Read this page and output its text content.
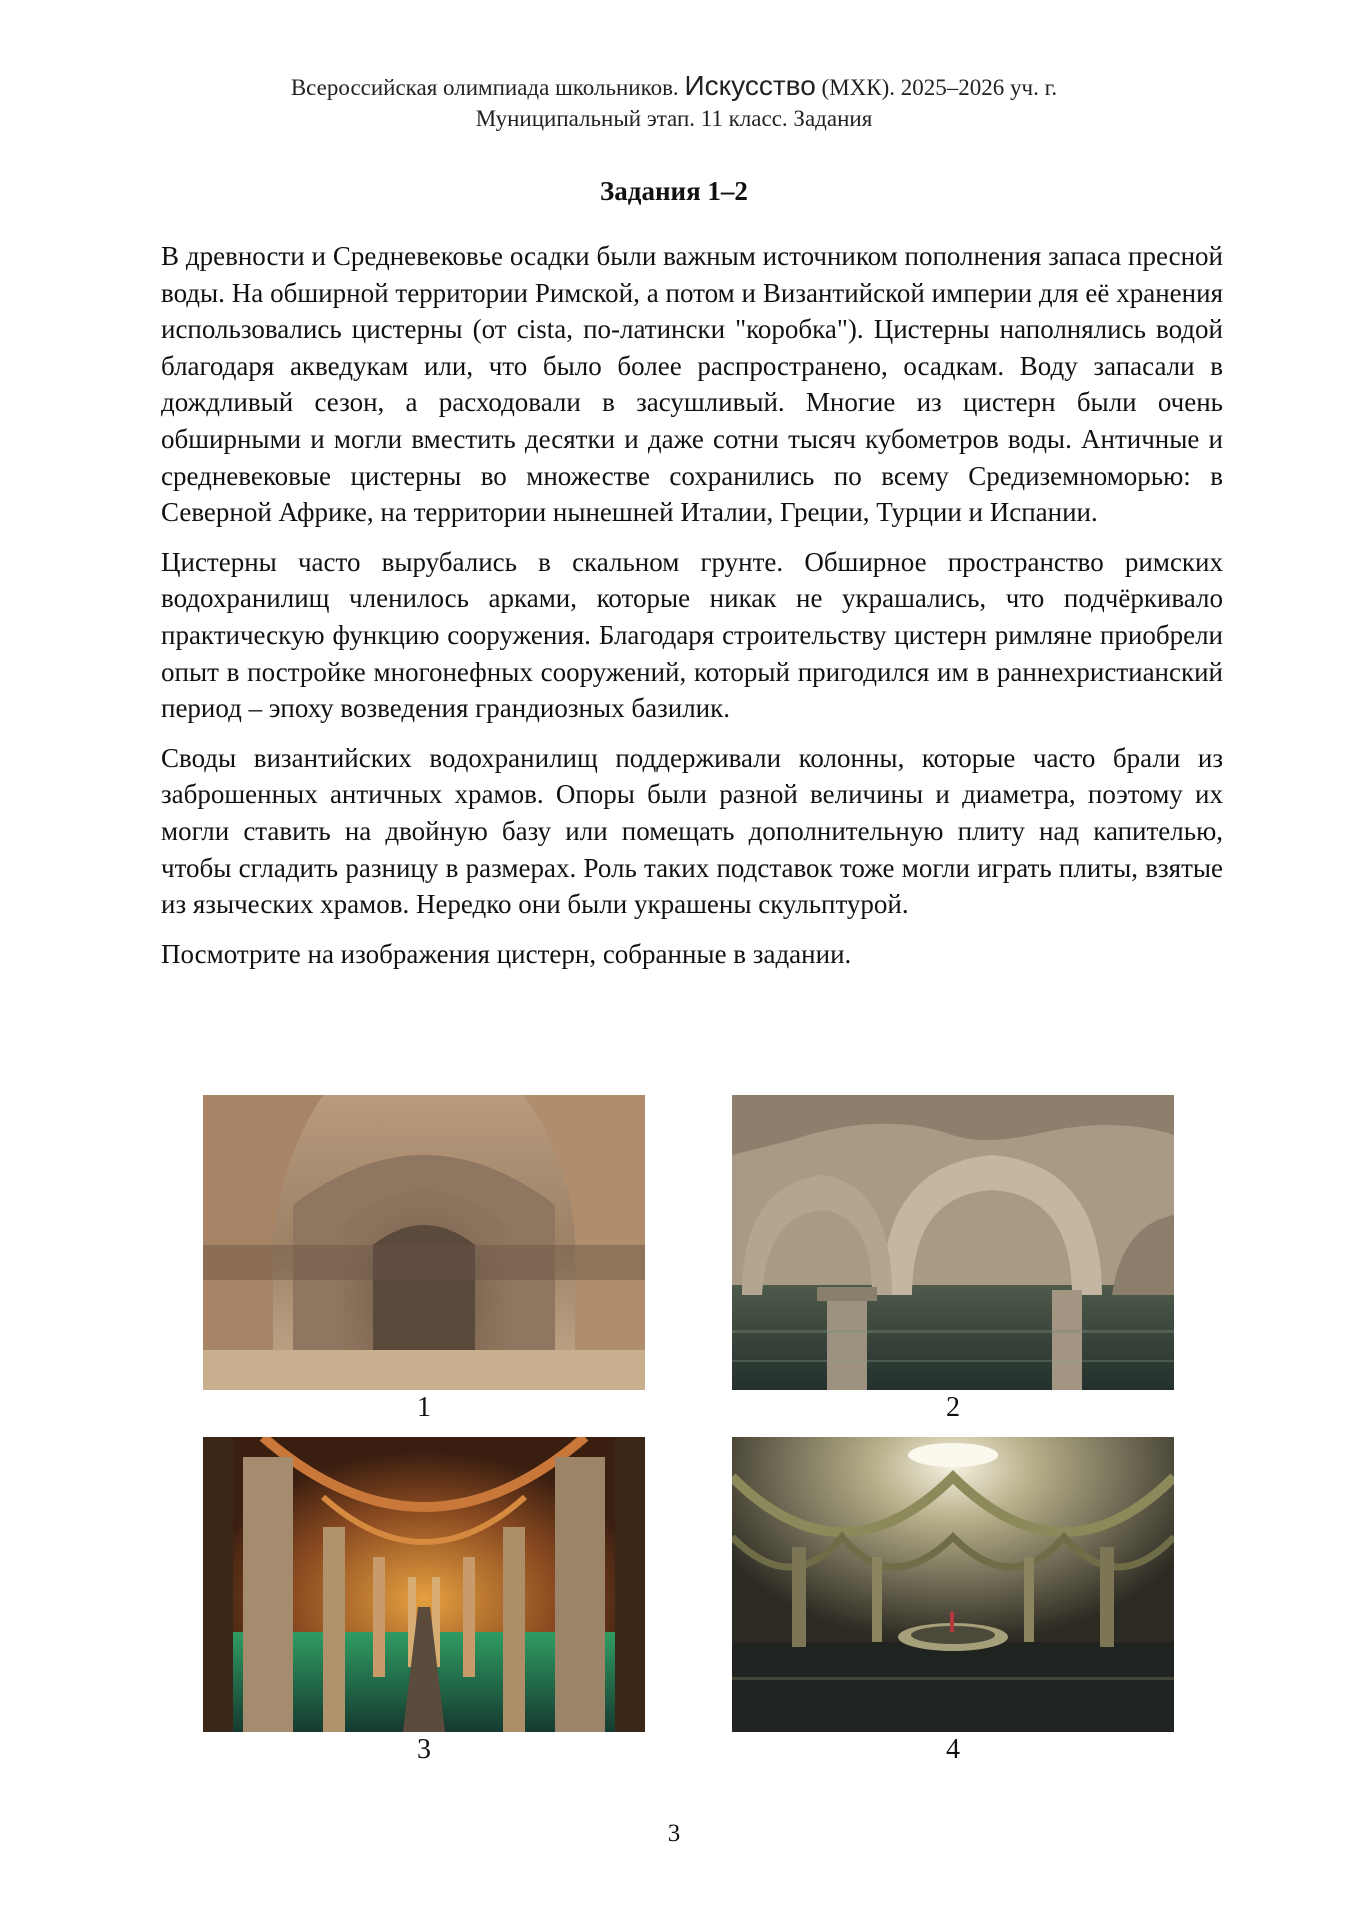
Всероссийская олимпиада школьников. Искусство (МХК). 2025–2026 уч. г.
Муниципальный этап. 11 класс. Задания
Задания 1–2

В древности и Средневековье осадки были важным источником пополнения запаса пресной воды. На обширной территории Римской, а потом и Византийской империи для её хранения использовались цистерны (от cista, по-латински "коробка"). Цистерны наполнялись водой благодаря акведукам или, что было более распространено, осадкам. Воду запасали в дождливый сезон, а расходовали в засушливый. Многие из цистерн были очень обширными и могли вместить десятки и даже сотни тысяч кубометров воды. Античные и средневековые цистерны во множестве сохранились по всему Средиземноморью: в Северной Африке, на территории нынешней Италии, Греции, Турции и Испании.

Цистерны часто вырубались в скальном грунте. Обширное пространство римских водохранилищ членилось арками, которые никак не украшались, что подчёркивало практическую функцию сооружения. Благодаря строительству цистерн римляне приобрели опыт в постройке многонефных сооружений, который пригодился им в раннехристианский период – эпоху возведения грандиозных базилик.

Своды византийских водохранилищ поддерживали колонны, которые часто брали из заброшенных античных храмов. Опоры были разной величины и диаметра, поэтому их могли ставить на двойную базу или помещать дополнительную плиту над капителью, чтобы сгладить разницу в размерах. Роль таких подставок тоже могли играть плиты, взятые из языческих храмов. Нередко они были украшены скульптурой.

Посмотрите на изображения цистерн, собранные в задании.

1	2
3	4
3
